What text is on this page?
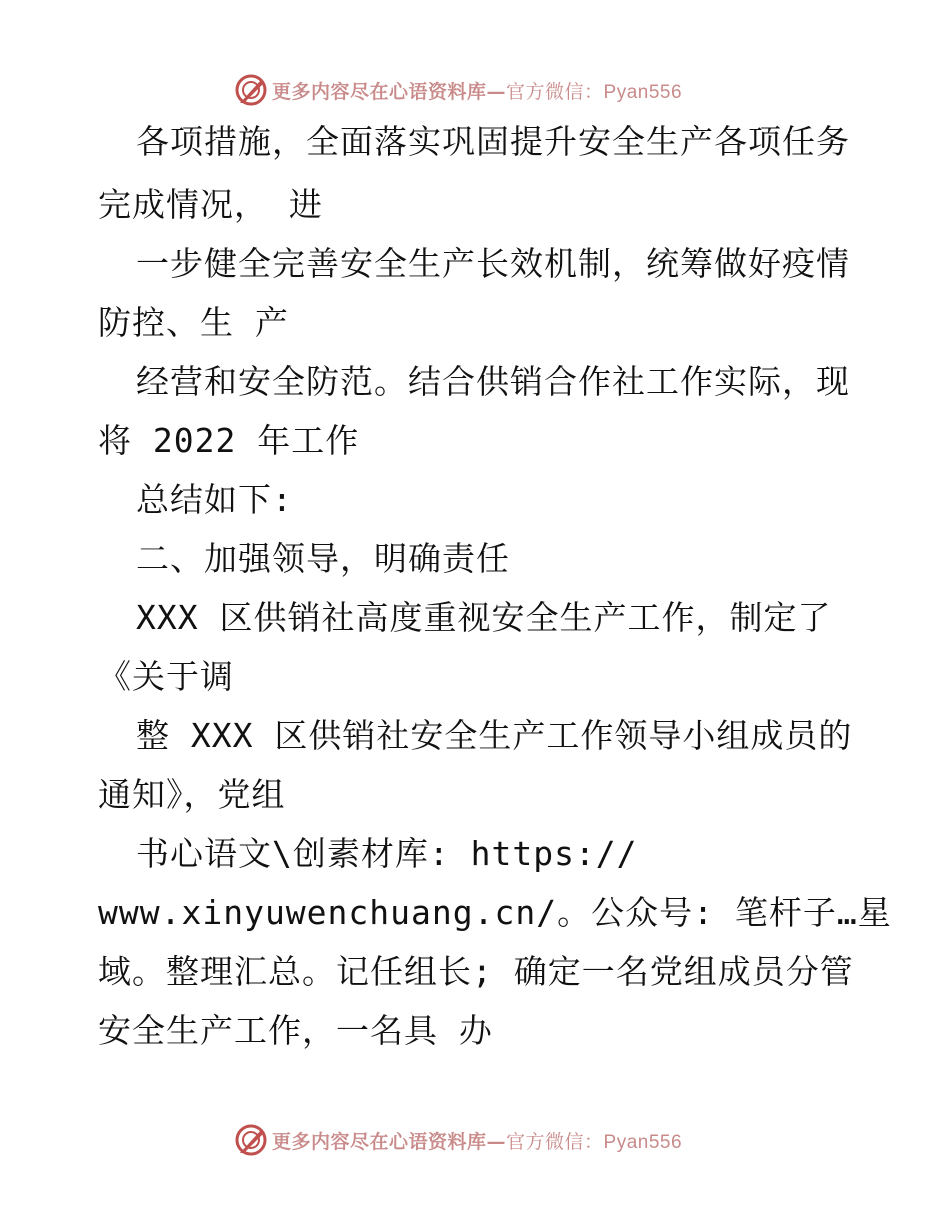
更多内容尽在心语资料库—官方微信：Pyan556
各项措施，全面落实巩固提升安全生产各项任务
完成情况， 进
一步健全完善安全生产长效机制，统筹做好疫情
防控、生 产
经营和安全防范。结合供销合作社工作实际，现
将 2022 年工作
总结如下:
二、加强领导，明确责任
XXX 区供销社高度重视安全生产工作，制定了
《关于调
整 XXX 区供销社安全生产工作领导小组成员的
通知》，党组
书心语文\创素材库: https://
www.xinyuwenchuang.cn/。公众号: 笔杆子…星
域。整理汇总。记任组长; 确定一名党组成员分管
安全生产工作，一名具 办
更多内容尽在心语资料库—官方微信：Pyan556
